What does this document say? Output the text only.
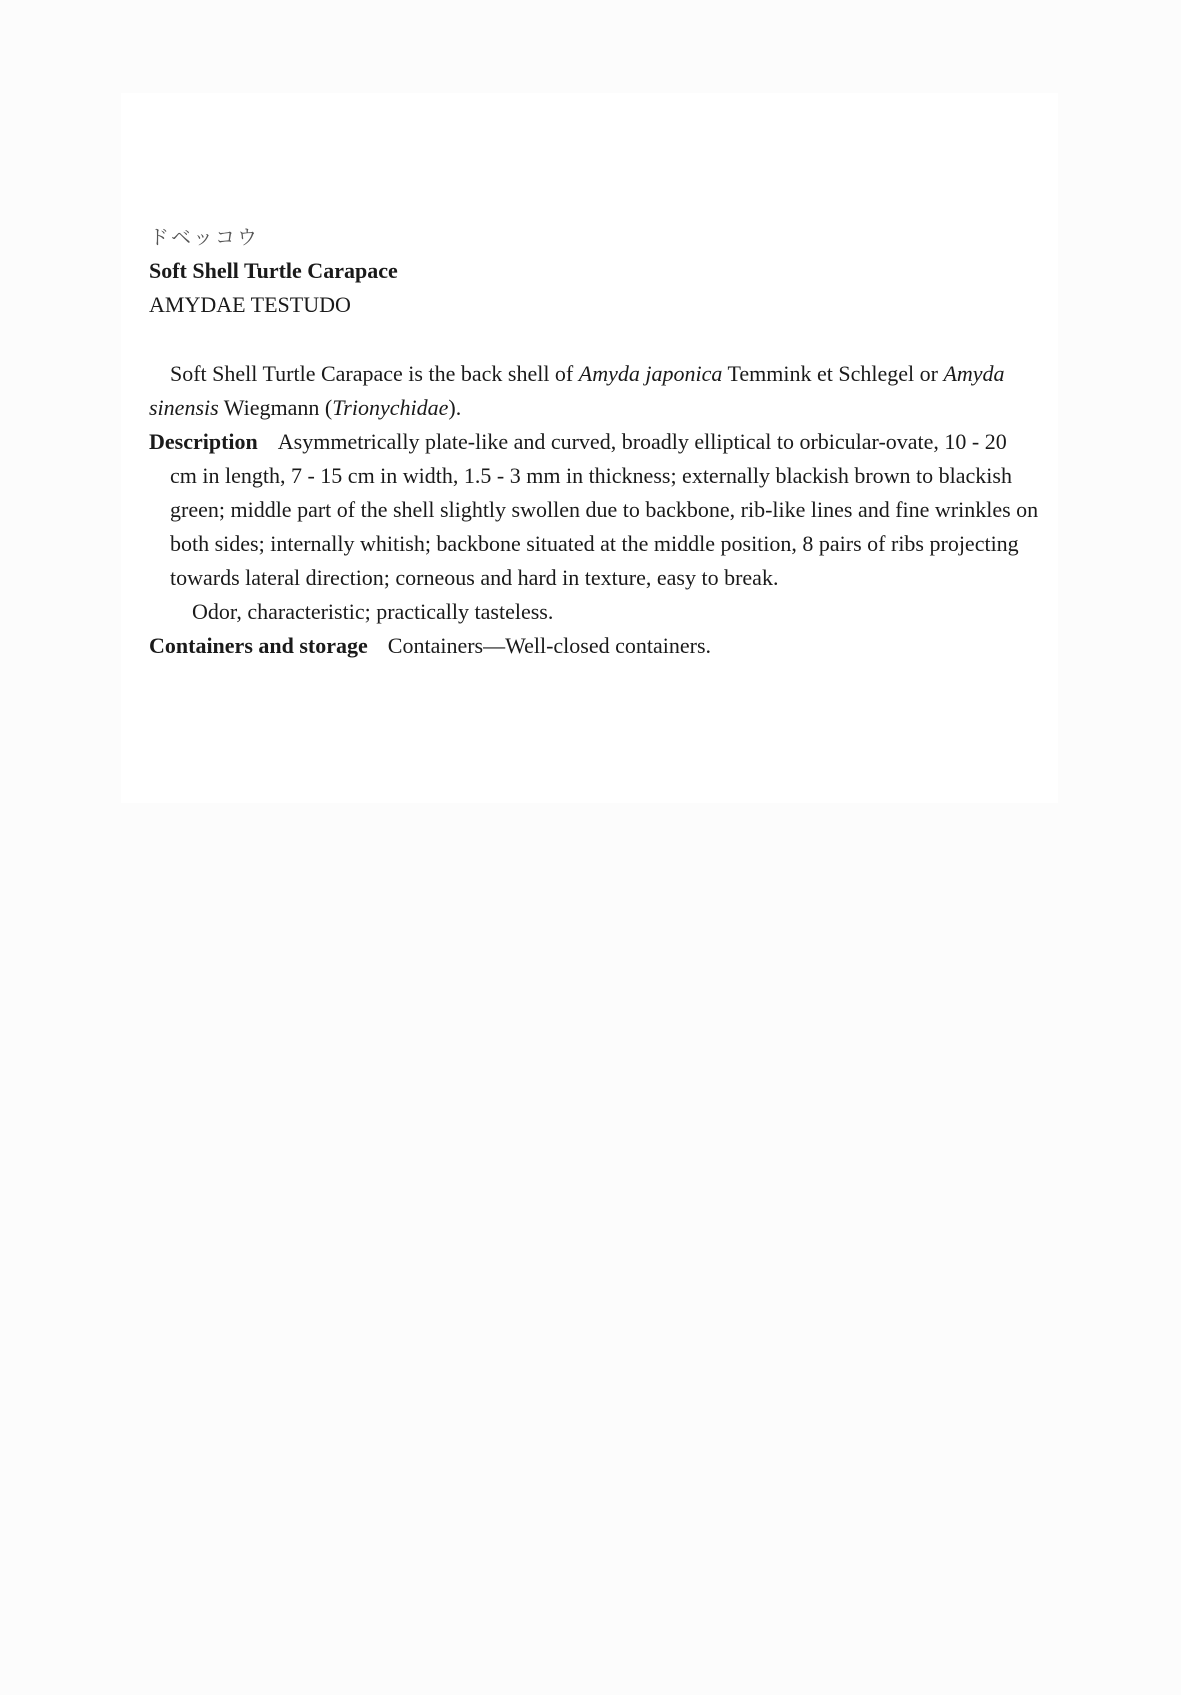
ドベッコウ
Soft Shell Turtle Carapace
AMYDAE TESTUDO

Soft Shell Turtle Carapace is the back shell of Amyda japonica Temmink et Schlegel or Amyda sinensis Wiegmann (Trionychidae).

Description Asymmetrically plate-like and curved, broadly elliptical to orbicular-ovate, 10 - 20 cm in length, 7 - 15 cm in width, 1.5 - 3 mm in thickness; externally blackish brown to blackish green; middle part of the shell slightly swollen due to backbone, rib-like lines and fine wrinkles on both sides; internally whitish; backbone situated at the middle position, 8 pairs of ribs projecting towards lateral direction; corneous and hard in texture, easy to break.

Odor, characteristic; practically tasteless.

Containers and storage Containers—Well-closed containers.
